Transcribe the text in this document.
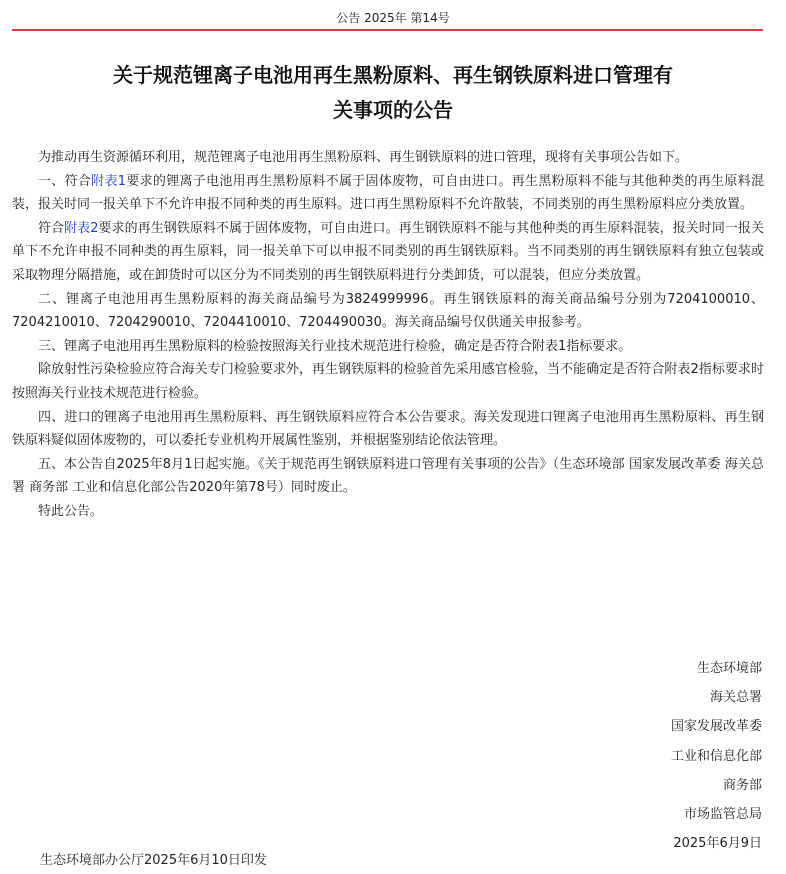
公告 2025年 第14号
关于规范锂离子电池用再生黑粉原料、再生钢铁原料进口管理有
关事项的公告

为推动再生资源循环利用，规范锂离子电池用再生黑粉原料、再生钢铁原料的进口管理，现将有关事项公告如下。

一、符合附表1要求的锂离子电池用再生黑粉原料不属于固体废物，可自由进口。再生黑粉原料不能与其他种类的再生原料混装，报关时同一报关单下不允许申报不同种类的再生原料。进口再生黑粉原料不允许散装，不同类别的再生黑粉原料应分类放置。

符合附表2要求的再生钢铁原料不属于固体废物，可自由进口。再生钢铁原料不能与其他种类的再生原料混装，报关时同一报关单下不允许申报不同种类的再生原料，同一报关单下可以申报不同类别的再生钢铁原料。当不同类别的再生钢铁原料有独立包装或采取物理分隔措施，或在卸货时可以区分为不同类别的再生钢铁原料进行分类卸货，可以混装，但应分类放置。

二、锂离子电池用再生黑粉原料的海关商品编号为3824999996。再生钢铁原料的海关商品编号分别为7204100010、7204210010、7204290010、7204410010、7204490030。海关商品编号仅供通关申报参考。

三、锂离子电池用再生黑粉原料的检验按照海关行业技术规范进行检验，确定是否符合附表1指标要求。

除放射性污染检验应符合海关专门检验要求外，再生钢铁原料的检验首先采用感官检验，当不能确定是否符合附表2指标要求时按照海关行业技术规范进行检验。

四、进口的锂离子电池用再生黑粉原料、再生钢铁原料应符合本公告要求。海关发现进口锂离子电池用再生黑粉原料、再生钢铁原料疑似固体废物的，可以委托专业机构开展属性鉴别，并根据鉴别结论依法管理。

五、本公告自2025年8月1日起实施。《关于规范再生钢铁原料进口管理有关事项的公告》（生态环境部 国家发展改革委 海关总署 商务部 工业和信息化部公告2020年第78号）同时废止。

特此公告。

生态环境部
海关总署
国家发展改革委
工业和信息化部
商务部
市场监管总局
2025年6月9日
生态环境部办公厅2025年6月10日印发
